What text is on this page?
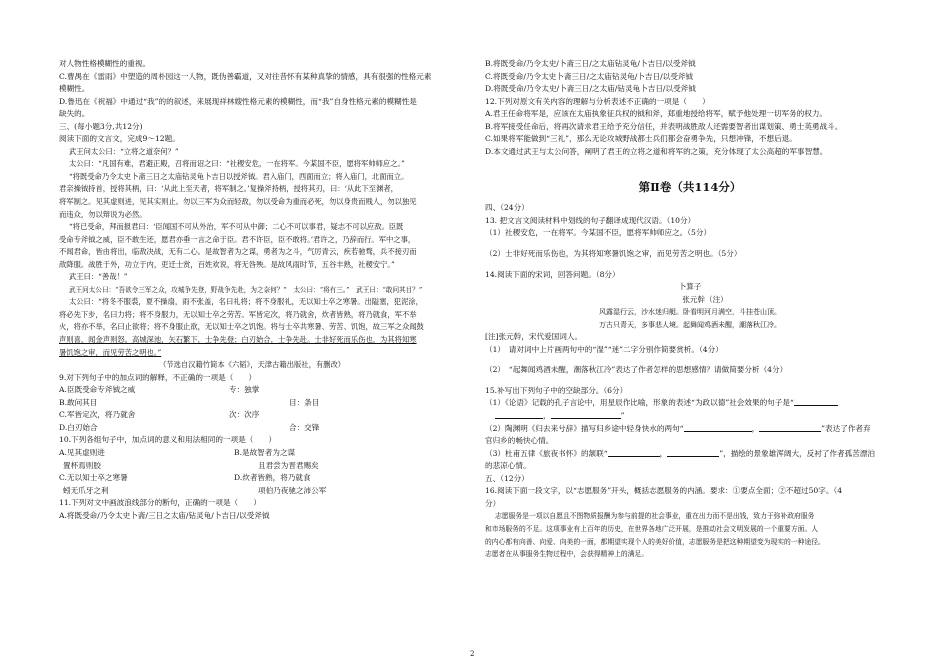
对人物性格模糊性的重视。

C.曹禺在《雷雨》中塑造的周朴园这一人物，既伪善霸道，又对往昔怀有某种真挚的情感，具有很强的性格元素

模糊性。

D.鲁迅在《祝福》中通过“我”的的叙述，来展现祥林嫂性格元素的模糊性，而“我”自身性格元素的模糊性是

缺失的。

三、(每小题3分,共12分)

阅读下面的文言文，完成9～12题。

武王问太公曰：“立将之道奈何？”

太公曰：“凡国有难，君避正殿，召将而诏之曰：“社稷安危，一在将军。今某国不臣，愿将军帅师应之。”

“将既受命乃令太史卜斋三日之太庙钻灵龟卜吉日以授斧钺。君入庙门，西面而立；将入庙门，北面而立。

君亲操钺持首，授将其柄，曰：‘从此上至天者，将军制之。’复操斧持柄，授将其刃，曰：‘从此下至渊者，

将军制之。见其虚则进，见其实则止。勿以三军为众而轻敌，勿以受命为重而必死，勿以身贵而贱人，勿以独见

而违众，勿以辩说为必然。

“将已受命，拜而报君曰：‘臣闻国不可从外治，军不可从中御；二心不可以事君，疑志不可以应敌。臣既

受命专斧钺之威，臣不敢生还，愿君亦垂一言之命于臣。君不许臣，臣不敢将。’君许之，乃辞而行。军中之事，

不闻君命，皆由将出，临敌决战，无有二心。是故智者为之谋，勇者为之斗，气厉青云，疾若驰骛，兵不接刃而

敌降服。战胜于外，功立于内，吏迁士赏，百姓欢说，将无咎殃。是故风雨时节，五谷丰熟，社稷安宁。”

武王曰：“善哉！”

武王问太公曰：“吾欲令三军之众，攻城争先登，野战争先赴，为之奈何？”　太公曰：“将有三。”　武王曰：“敢问其目？”

太公曰：“将冬不服裘，夏不操扇，雨不张盖，名曰礼将；将不身服礼，无以知士卒之寒暑。出隘塞，犯泥涂，

将必先下步，名曰力将；将不身服力，无以知士卒之劳苦。军皆定次，将乃就舍，炊者皆熟，将乃就食，军不举

火，将亦不举，名曰止欲将；将不身服止欲，无以知士卒之饥饱。将与士卒共寒暑、劳苦、饥饱，故三军之众闻鼓

声则喜，闻金声则怒。高城深池，矢石繁下，士争先登；白刃始合，士争先赴。士非好死而乐伤也，为其将知寒

暑饥饱之审，而见劳苦之明也。”

（节选自汉籍竹简本《六韬》，天津古籍出版社，有删改）

9.对下列句子中的加点词的解释，不正确的一项是（　　）

A.臣既受命专斧钺之威	专：独掌

B.敢问其目	目：条目

C.军皆定次，将乃就舍	次：次序

D.白刃始合	合：交锋

10.下列各组句子中，加点词的意义和用法相同的一项是（　　）

A.见其虚则进	B.是故智者为之谋

置杯焉则胶	且君尝为晋君赐矣

C.无以知士卒之寒暑	D.炊者皆熟，将乃就食

蚓无爪牙之利	项伯乃夜驰之沛公军

11.下列对文中画波浪线部分的断句，正确的一项是（　　）

A.将既受命/乃令太史卜斋/三日之太庙/钻灵龟/卜吉日/以受斧钺

B.将既受命/乃令太史/卜斋三日/之太庙钻灵龟/卜吉日/以受斧钺

C.将既受命/乃令太史卜斋三日/之太庙钻灵龟/卜吉日/以受斧钺

D.将既受命/乃令太史/卜斋三日/之太庙/钻灵龟卜吉日/以受斧钺

12.下列对原文有关内容的理解与分析表述不正确的一项是（　　）

A.君王任命将军是，应该在太庙执象征兵权的钺和斧，郑重地授给将军，赋予他处理一切军务的权力。

B.将军接受任命后，将再次请求君王给予充分信任，并表明战胜敌人还需要智者出谋划策、勇士英勇战斗。

C.如果将军能做到“三礼”，那么无论攻城野战都士兵们都会奋勇争先，只想冲锋，不想后退。

D.本文通过武王与太公问答，阐明了君王的立将之道和将军的之策，充分体现了太公高超的军事智慧。

第Ⅱ卷（共114分）

四、（24分）

13. 把文言文阅读材料中划线的句子翻译成现代汉语。（10分）

（1）社稷安危，一在将军。今某国不臣，愿将军帅师应之。（5分）

（2）士非好死而乐伤也，为其将知寒暑饥饱之审，而见劳苦之明也。（5分）

14.阅读下面的宋词，回答问题。（8分）

卜算子

张元幹（注）

风露湿行云，沙水迷归艇。卧看明河月满空，斗挂苍山顶。

万古只青天，多事悲人境。起舞闻鸡酒未醒，潮落秋江冷。

[注]张元幹，宋代爱国词人。

（1）　请对词中上片画两句中的“湿”“迷”二字分别作简要赏析。（4分）

（2）　“起舞闻鸡酒未醒，潮落秋江冷”表达了作者怎样的思想感情？请做简要分析（4分）

15.补写出下列句子中的空缺部分。（6分）

（1）《论语》记载的孔子言论中，用星辰作比喻，形象的表述“为政以德”社会效果的句子是“

，	”

（2）陶渊明《归去来兮辞》描写归乡途中轻身快水的两句“	，	”表达了作者弃

官归乡的畅快心情。

（3）杜甫五律《旅夜书怀》的颔联“	，	”，描绘的景象雄浑阔大，反衬了作者孤苦漂泊

的悲凉心情。

五、（12分）

16.阅读下面一段文字，以“志愿服务”开头，概括志愿服务的内涵。要求：①要点全面；②不超过50字。（4

分）

志愿服务是一项以自愿且不图物质报酬为参与前提的社会事业，重在出力而不是出钱，致力于弥补政府服务

和市场服务的不足。这项事业有上百年的历史，在世界各地广泛开展，是推动社会文明发展的一个重要方面。人

的内心都有向善、向爱、向美的一面，都期望实现个人的美好价值，志愿服务是把这种期望变为现实的一种途径。

志愿者在从事服务生物过程中，会获得精神上的满足。

2
